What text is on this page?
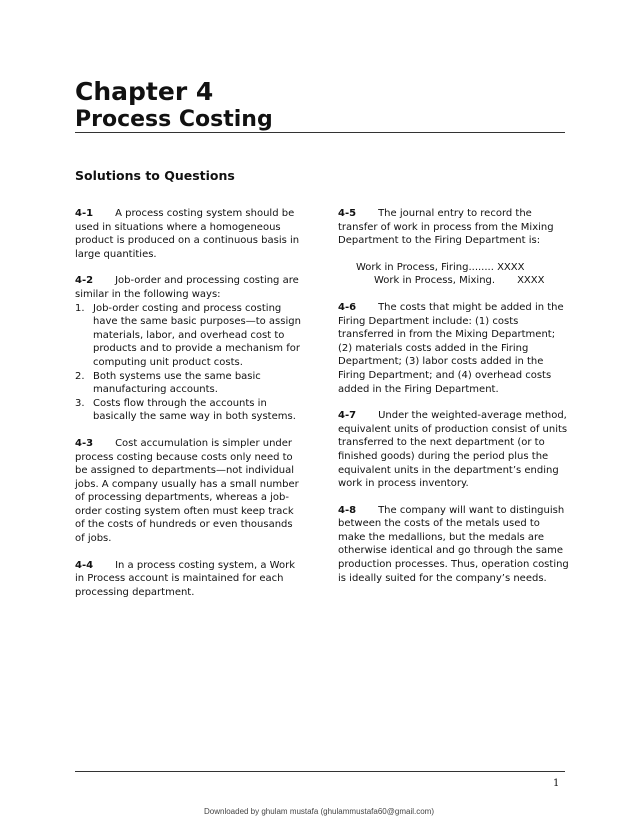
Chapter 4
Process Costing
Solutions to Questions

4-1 A process costing system should be used in situations where a homogeneous product is produced on a continuous basis in large quantities.

4-2 Job-order and processing costing are similar in the following ways:
1. Job-order costing and process costing have the same basic purposes—to assign materials, labor, and overhead cost to products and to provide a mechanism for computing unit product costs.
2. Both systems use the same basic manufacturing accounts.
3. Costs flow through the accounts in basically the same way in both systems.

4-3 Cost accumulation is simpler under process costing because costs only need to be assigned to departments—not individual jobs. A company usually has a small number of processing departments, whereas a job-order costing system often must keep track of the costs of hundreds or even thousands of jobs.

4-4 In a process costing system, a Work in Process account is maintained for each processing department.

4-5 The journal entry to record the transfer of work in process from the Mixing Department to the Firing Department is:

Work in Process, Firing........ XXXX
Work in Process, Mixing. XXXX

4-6 The costs that might be added in the Firing Department include: (1) costs transferred in from the Mixing Department; (2) materials costs added in the Firing Department; (3) labor costs added in the Firing Department; and (4) overhead costs added in the Firing Department.

4-7 Under the weighted-average method, equivalent units of production consist of units transferred to the next department (or to finished goods) during the period plus the equivalent units in the department’s ending work in process inventory.

4-8 The company will want to distinguish between the costs of the metals used to make the medallions, but the medals are otherwise identical and go through the same production processes. Thus, operation costing is ideally suited for the company’s needs.

1
Downloaded by ghulam mustafa (ghulammustafa60@gmail.com)
